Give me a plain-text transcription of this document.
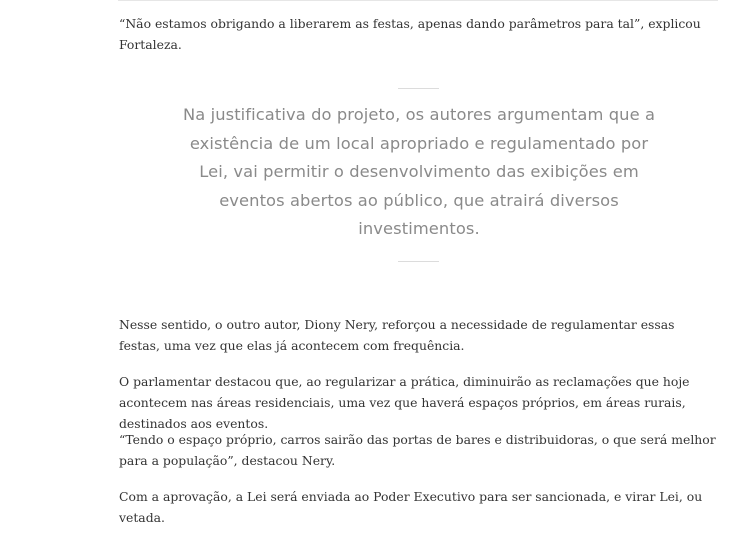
“Não estamos obrigando a liberarem as festas, apenas dando parâmetros para tal”, explicou Fortaleza.

Na justificativa do projeto, os autores argumentam que a existência de um local apropriado e regulamentado por Lei, vai permitir o desenvolvimento das exibições em eventos abertos ao público, que atrairá diversos investimentos.

Nesse sentido, o outro autor, Diony Nery, reforçou a necessidade de regulamentar essas festas, uma vez que elas já acontecem com frequência.

O parlamentar destacou que, ao regularizar a prática, diminuirão as reclamações que hoje acontecem nas áreas residenciais, uma vez que haverá espaços próprios, em áreas rurais, destinados aos eventos.

“Tendo o espaço próprio, carros sairão das portas de bares e distribuidoras, o que será melhor para a população”, destacou Nery.

Com a aprovação, a Lei será enviada ao Poder Executivo para ser sancionada, e virar Lei, ou vetada.
